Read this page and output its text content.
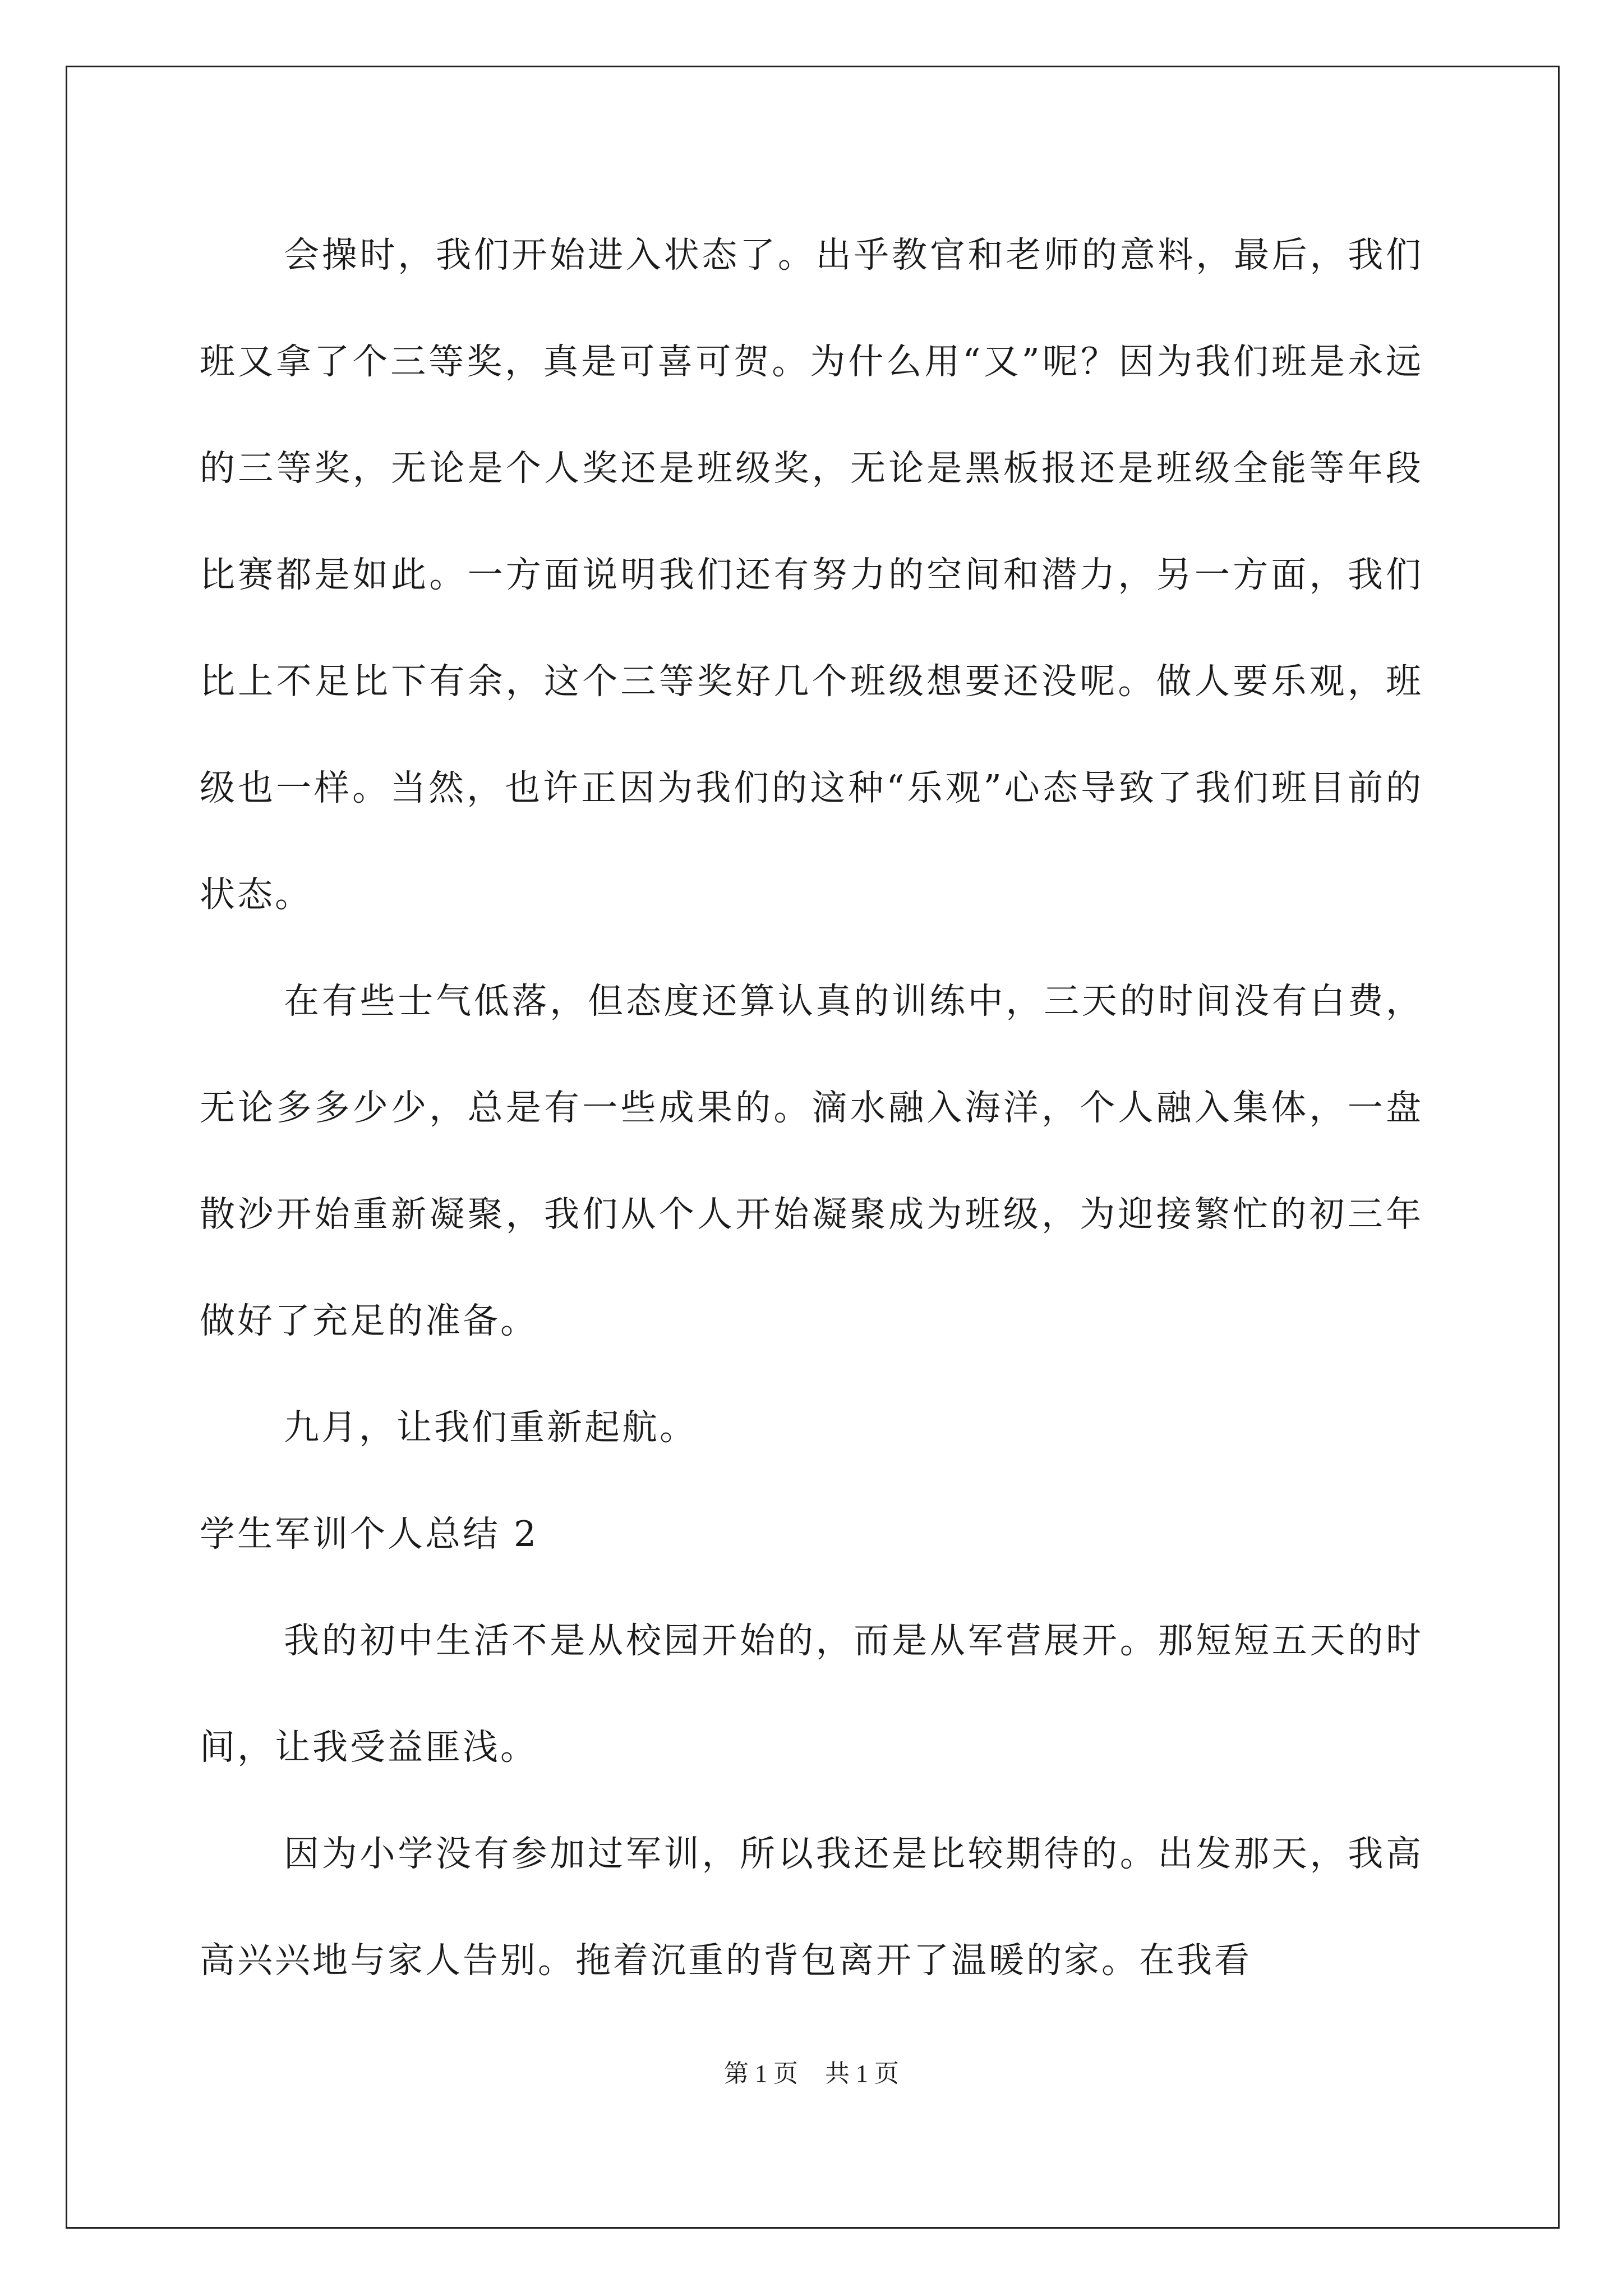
会操时，我们开始进入状态了。出乎教官和老师的意料，最后，我们班又拿了个三等奖，真是可喜可贺。为什么用“又”呢？因为我们班是永远的三等奖，无论是个人奖还是班级奖，无论是黑板报还是班级全能等年段比赛都是如此。一方面说明我们还有努力的空间和潜力，另一方面，我们比上不足比下有余，这个三等奖好几个班级想要还没呢。做人要乐观，班级也一样。当然，也许正因为我们的这种“乐观”心态导致了我们班目前的状态。

在有些士气低落，但态度还算认真的训练中，三天的时间没有白费，无论多多少少，总是有一些成果的。滴水融入海洋，个人融入集体，一盘散沙开始重新凝聚，我们从个人开始凝聚成为班级，为迎接繁忙的初三年做好了充足的准备。

九月，让我们重新起航。

学生军训个人总结 2

我的初中生活不是从校园开始的，而是从军营展开。那短短五天的时间，让我受益匪浅。

因为小学没有参加过军训，所以我还是比较期待的。出发那天，我高高兴兴地与家人告别。拖着沉重的背包离开了温暖的家。在我看

第 1 页 共 1 页
